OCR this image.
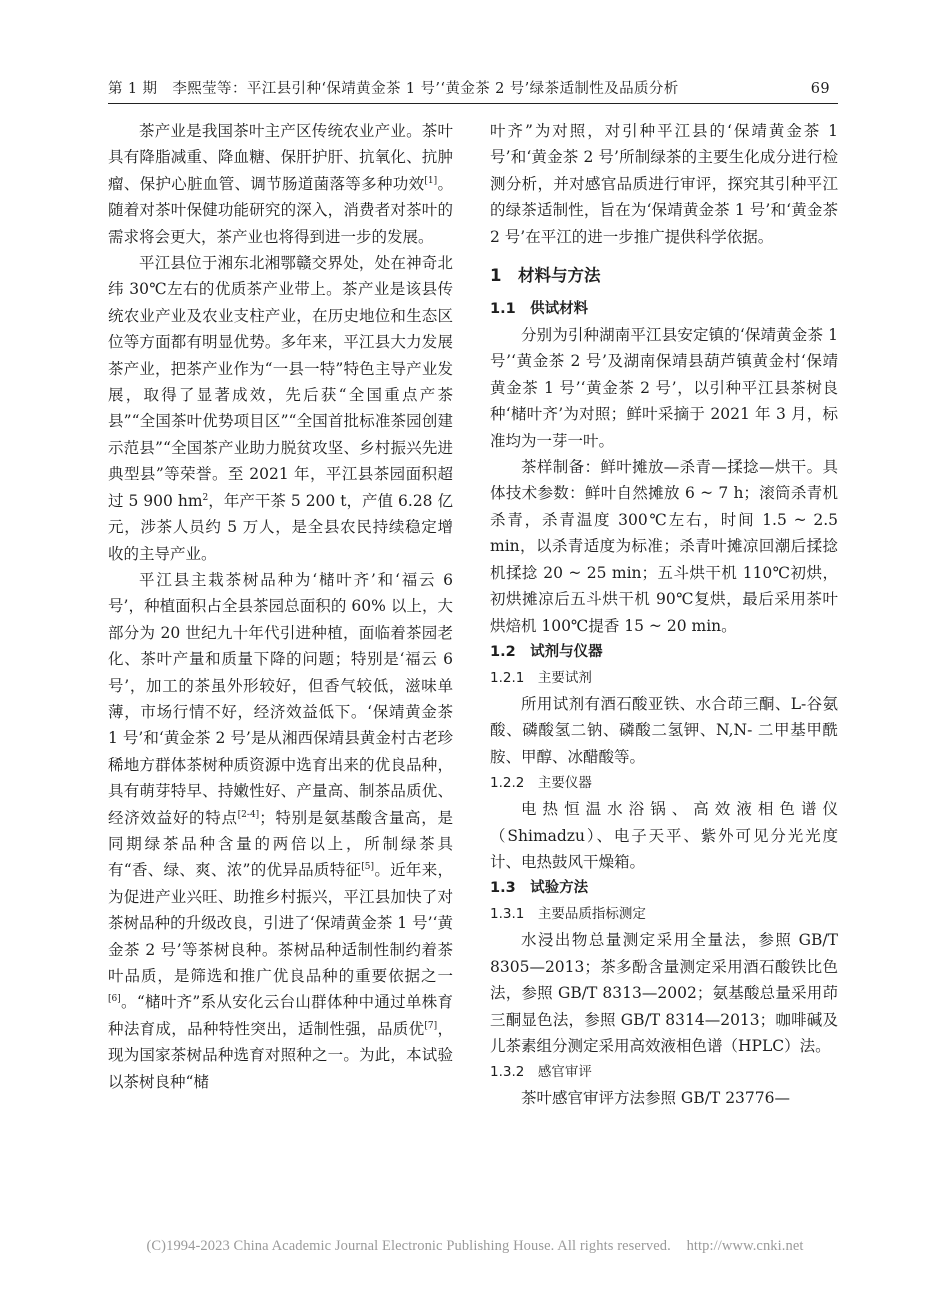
第 1 期　 李熙莹等：平江县引种‘保靖黄金茶 1 号’‘黄金茶 2 号’绿茶适制性及品质分析	69

茶产业是我国茶叶主产区传统农业产业。茶叶具有降脂减重、降血糖、保肝护肝、抗氧化、抗肿瘤、保护心脏血管、调节肠道菌落等多种功效[1]。随着对茶叶保健功能研究的深入，消费者对茶叶的需求将会更大，茶产业也将得到进一步的发展。

平江县位于湘东北湘鄂赣交界处，处在神奇北纬 30℃左右的优质茶产业带上。茶产业是该县传统农业产业及农业支柱产业，在历史地位和生态区位等方面都有明显优势。多年来，平江县大力发展茶产业，把茶产业作为“一县一特”特色主导产业发展，取得了显著成效，先后获“全国重点产茶县”“全国茶叶优势项目区”“全国首批标准茶园创建示范县”“全国茶产业助力脱贫攻坚、乡村振兴先进典型县”等荣誉。至 2021 年，平江县茶园面积超过 5 900 $hm^2$，年产干茶 5 200 t，产值 6.28 亿元，涉茶人员约 5 万人，是全县农民持续稳定增收的主导产业。

平江县主栽茶树品种为‘槠叶齐’和‘福云 6 号’，种植面积占全县茶园总面积的 60% 以上，大部分为 20 世纪九十年代引进种植，面临着茶园老化、茶叶产量和质量下降的问题；特别是‘福云 6 号’，加工的茶虽外形较好，但香气较低，滋味单薄，市场行情不好，经济效益低下。‘保靖黄金茶 1 号’和‘黄金茶 2 号’是从湘西保靖县黄金村古老珍稀地方群体茶树种质资源中选育出来的优良品种，具有萌芽特早、持嫩性好、产量高、制茶品质优、经济效益好的特点[2-4]；特别是氨基酸含量高，是同期绿茶品种含量的两倍以上，所制绿茶具有“香、绿、爽、浓”的优异品质特征[5]。近年来，为促进产业兴旺、助推乡村振兴，平江县加快了对茶树品种的升级改良，引进了‘保靖黄金茶 1 号’‘黄金茶 2 号’等茶树良种。茶树品种适制性制约着茶叶品质，是筛选和推广优良品种的重要依据之一[6]。“槠叶齐”系从安化云台山群体种中通过单株育种法育成，品种特性突出，适制性强，品质优[7]，现为国家茶树品种选育对照种之一。为此，本试验以茶树良种“槠

叶齐”为对照，对引种平江县的‘保靖黄金茶 1 号’和‘黄金茶 2 号’所制绿茶的主要生化成分进行检测分析，并对感官品质进行审评，探究其引种平江的绿茶适制性，旨在为‘保靖黄金茶 1 号’和‘黄金茶 2 号’在平江的进一步推广提供科学依据。

1　材料与方法
1.1　供试材料

分别为引种湖南平江县安定镇的‘保靖黄金茶 1 号’‘黄金茶 2 号’及湖南保靖县葫芦镇黄金村‘保靖黄金茶 1 号’‘黄金茶 2 号’，以引种平江县茶树良种‘槠叶齐’为对照；鲜叶采摘于 2021 年 3 月，标准均为一芽一叶。

茶样制备：鲜叶摊放—杀青—揉捻—烘干。具体技术参数：鲜叶自然摊放 6 ~ 7 h；滚筒杀青机杀青，杀青温度 300℃左右，时间 1.5 ~ 2.5 min，以杀青适度为标准；杀青叶摊凉回潮后揉捻机揉捻 20 ~ 25 min；五斗烘干机 110℃初烘，初烘摊凉后五斗烘干机 90℃复烘，最后采用茶叶烘焙机 100℃提香 15 ~ 20 min。

1.2　试剂与仪器
1.2.1　主要试剂

所用试剂有酒石酸亚铁、水合茚三酮、L-谷氨酸、磷酸氢二钠、磷酸二氢钾、N,N- 二甲基甲酰胺、甲醇、冰醋酸等。

1.2.2　主要仪器

电热恒温水浴锅、高效液相色谱仪（Shimadzu）、电子天平、紫外可见分光光度计、电热鼓风干燥箱。

1.3　试验方法
1.3.1　主要品质指标测定

水浸出物总量测定采用全量法，参照 GB/T 8305—2013；茶多酚含量测定采用酒石酸铁比色法，参照 GB/T 8313—2002；氨基酸总量采用茚三酮显色法，参照 GB/T 8314—2013；咖啡碱及儿茶素组分测定采用高效液相色谱（HPLC）法。

1.3.2　感官审评

茶叶感官审评方法参照 GB/T 23776—

(C)1994-2023 China Academic Journal Electronic Publishing House. All rights reserved. http://www.cnki.net
